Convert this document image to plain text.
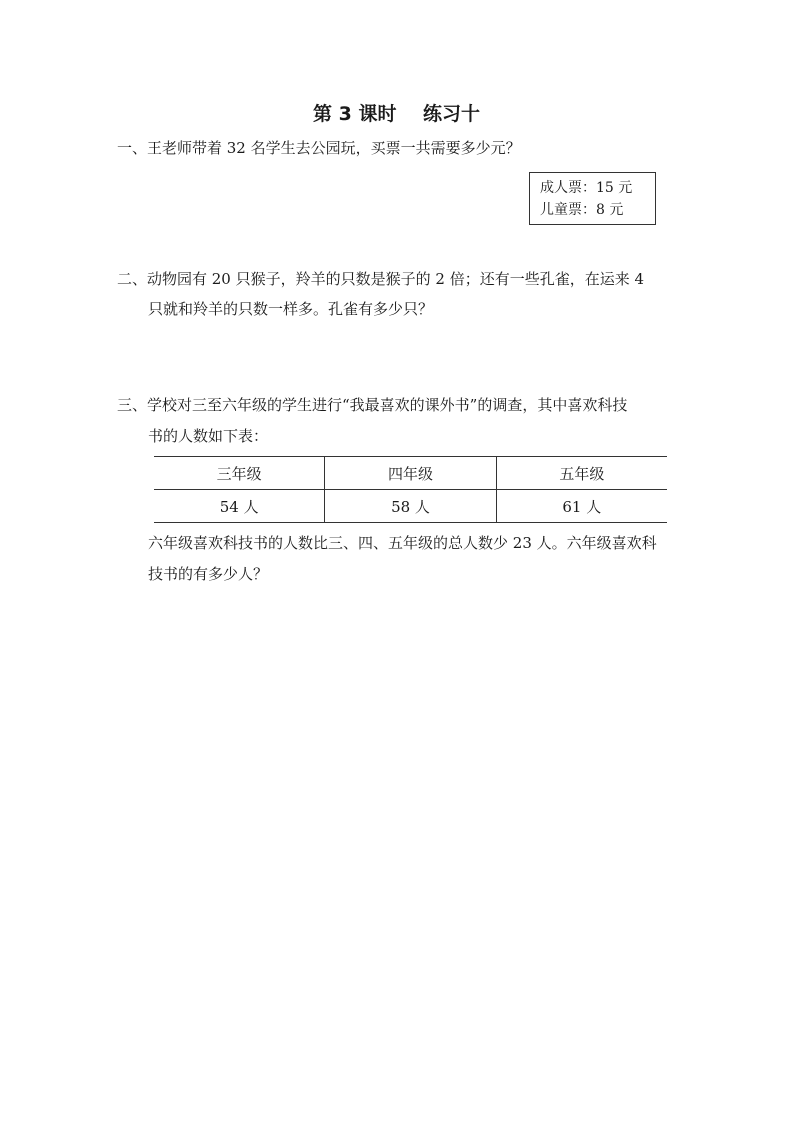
第 3 课时    练习十
一、王老师带着 32 名学生去公园玩，买票一共需要多少元？
成人票：15 元
儿童票：8 元
二、动物园有 20 只猴子，羚羊的只数是猴子的 2 倍；还有一些孔雀，在运来 4
只就和羚羊的只数一样多。孔雀有多少只？
三、学校对三至六年级的学生进行“我最喜欢的课外书”的调查，其中喜欢科技
书的人数如下表：
三年级	四年级	五年级
54 人	58 人	61 人
六年级喜欢科技书的人数比三、四、五年级的总人数少 23 人。六年级喜欢科
技书的有多少人？
